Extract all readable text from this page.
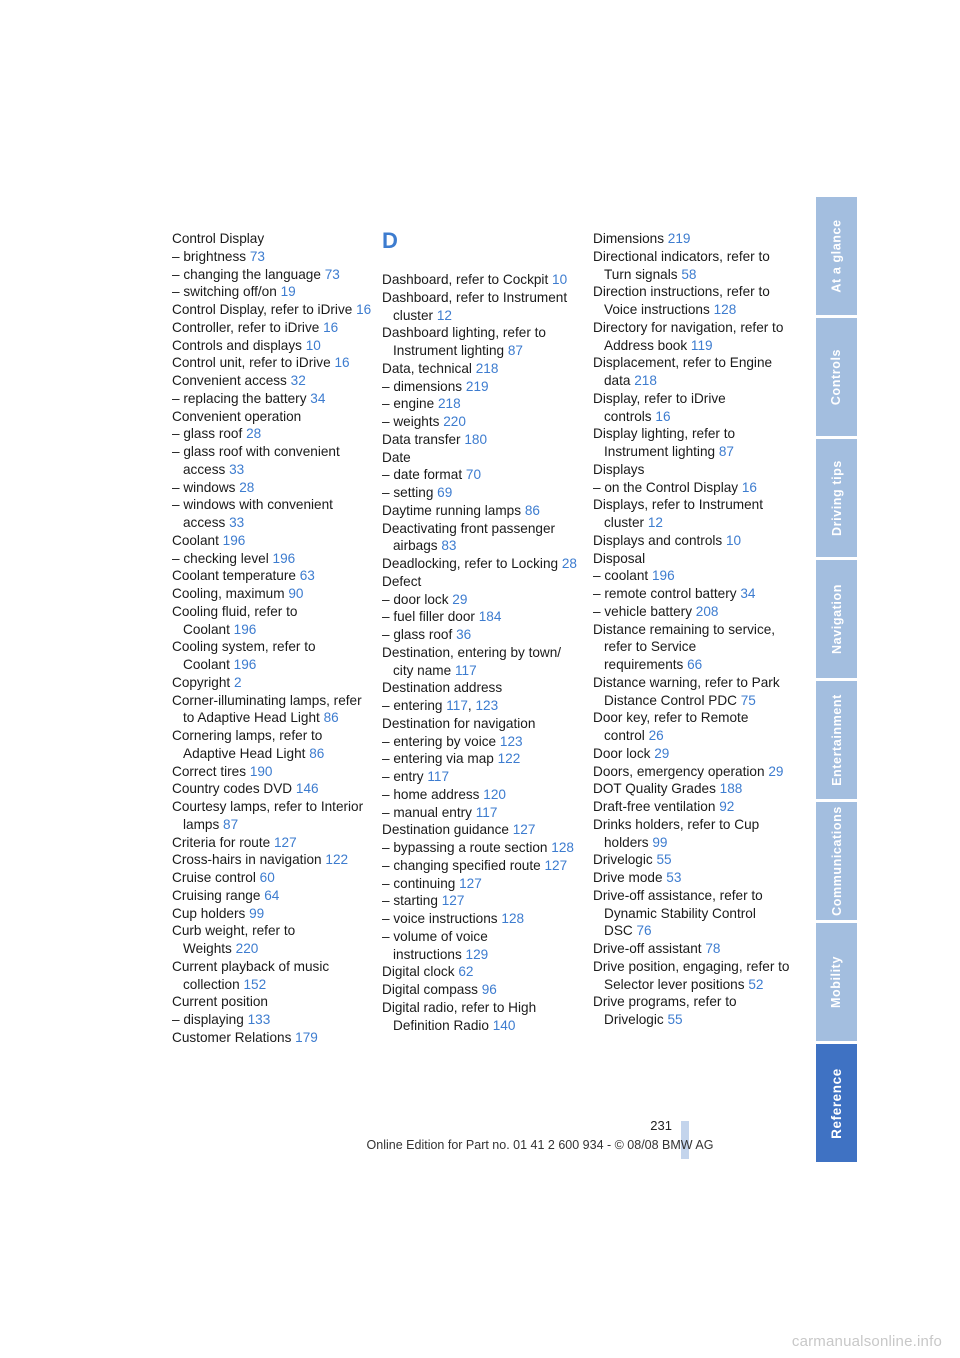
Control Display

– brightness 73

– changing the language 73

– switching off/on 19

Control Display, refer to iDrive 16

Controller, refer to iDrive 16

Controls and displays 10

Control unit, refer to iDrive 16

Convenient access 32

– replacing the battery 34

Convenient operation

– glass roof 28

– glass roof with convenient access 33

– windows 28

– windows with convenient access 33

Coolant 196

– checking level 196

Coolant temperature 63

Cooling, maximum 90

Cooling fluid, refer to Coolant 196

Cooling system, refer to Coolant 196

Copyright 2

Corner-illuminating lamps, refer to Adaptive Head Light 86

Cornering lamps, refer to Adaptive Head Light 86

Correct tires 190

Country codes DVD 146

Courtesy lamps, refer to Interior lamps 87

Criteria for route 127

Cross-hairs in navigation 122

Cruise control 60

Cruising range 64

Cup holders 99

Curb weight, refer to Weights 220

Current playback of music collection 152

Current position

– displaying 133

Customer Relations 179

D

Dashboard, refer to Cockpit 10

Dashboard, refer to Instrument cluster 12

Dashboard lighting, refer to Instrument lighting 87

Data, technical 218

– dimensions 219

– engine 218

– weights 220

Data transfer 180

Date

– date format 70

– setting 69

Daytime running lamps 86

Deactivating front passenger airbags 83

Deadlocking, refer to Locking 28

Defect

– door lock 29

– fuel filler door 184

– glass roof 36

Destination, entering by town/ city name 117

Destination address

– entering 117, 123

Destination for navigation

– entering by voice 123

– entering via map 122

– entry 117

– home address 120

– manual entry 117

Destination guidance 127

– bypassing a route section 128

– changing specified route 127

– continuing 127

– starting 127

– voice instructions 128

– volume of voice instructions 129

Digital clock 62

Digital compass 96

Digital radio, refer to High Definition Radio 140

Dimensions 219

Directional indicators, refer to Turn signals 58

Direction instructions, refer to Voice instructions 128

Directory for navigation, refer to Address book 119

Displacement, refer to Engine data 218

Display, refer to iDrive controls 16

Display lighting, refer to Instrument lighting 87

Displays

– on the Control Display 16

Displays, refer to Instrument cluster 12

Displays and controls 10

Disposal

– coolant 196

– remote control battery 34

– vehicle battery 208

Distance remaining to service, refer to Service requirements 66

Distance warning, refer to Park Distance Control PDC 75

Door key, refer to Remote control 26

Door lock 29

Doors, emergency operation 29

DOT Quality Grades 188

Draft-free ventilation 92

Drinks holders, refer to Cup holders 99

Drivelogic 55

Drive mode 53

Drive-off assistance, refer to Dynamic Stability Control DSC 76

Drive-off assistant 78

Drive position, engaging, refer to Selector lever positions 52

Drive programs, refer to Drivelogic 55

At a glance
Controls
Driving tips
Navigation
Entertainment
Communications
Mobility
Reference
231
Online Edition for Part no. 01 41 2 600 934 - © 08/08 BMW AG
carmanualsonline.info
